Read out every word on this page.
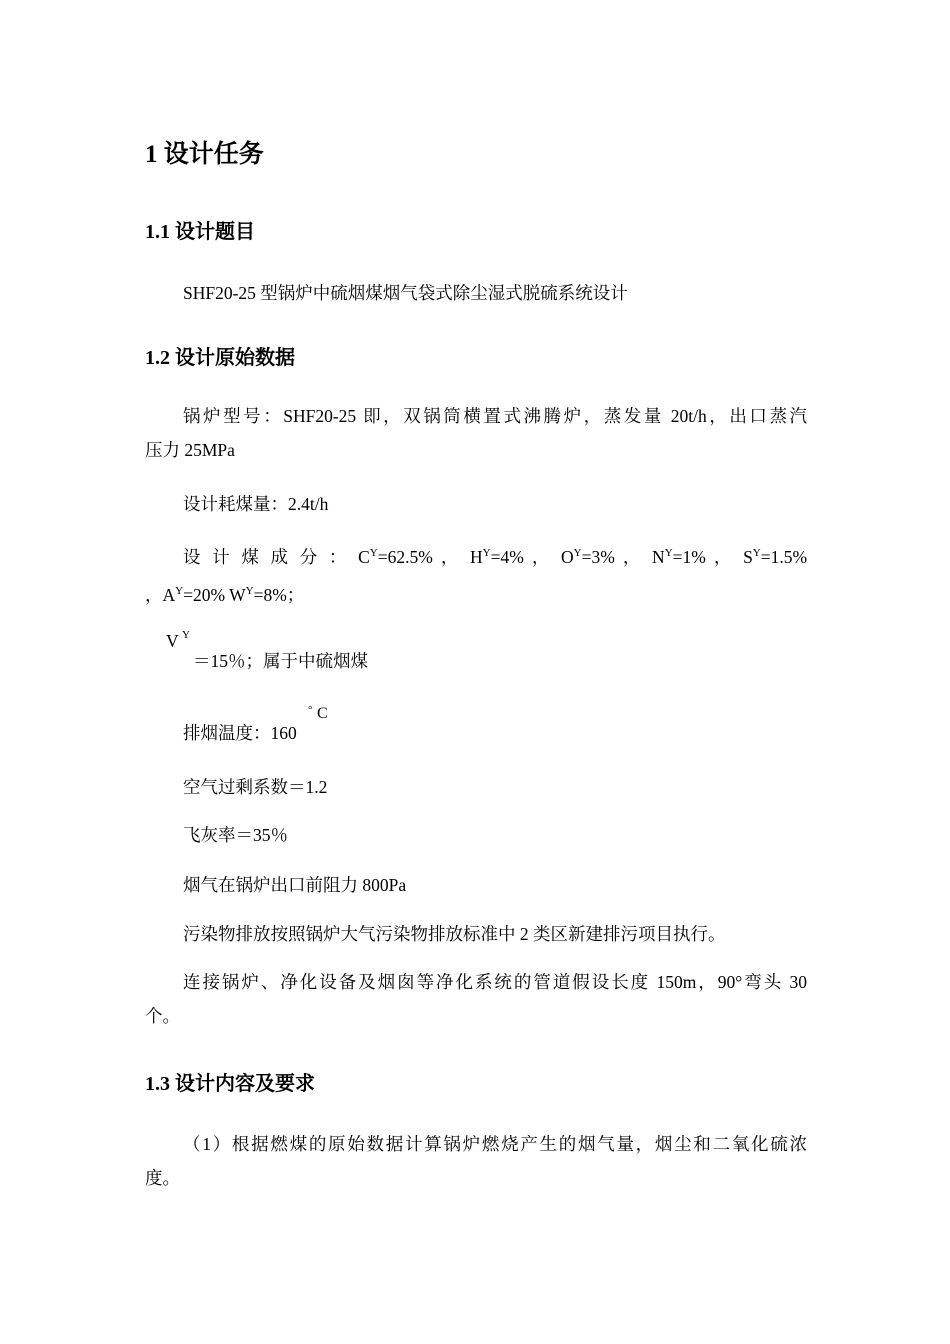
1 设计任务
1.1 设计题目
SHF20-25 型锅炉中硫烟煤烟气袋式除尘湿式脱硫系统设计
1.2 设计原始数据
锅炉型号：SHF20-25 即，双锅筒横置式沸腾炉，蒸发量 20t/h，出口蒸汽
压力 25MPa
设计耗煤量：2.4t/h
设 计 煤 成 分 ： $C^Y=62.5\%$ ， $H^Y=4\%$ ， $O^Y=3\%$ ， $N^Y=1\%$ ， $S^Y=1.5\%$
，$A^Y=20\%$ $W^Y=8\%$；
V Y
＝15％；属于中硫烟煤
排烟温度：160
° C
空气过剩系数＝1.2
飞灰率＝35％
烟气在锅炉出口前阻力 800Pa
污染物排放按照锅炉大气污染物排放标准中 2 类区新建排污项目执行。
连接锅炉、净化设备及烟囱等净化系统的管道假设长度 150m，90°弯头 30
个。
1.3 设计内容及要求
（1）根据燃煤的原始数据计算锅炉燃烧产生的烟气量，烟尘和二氧化硫浓
度。
